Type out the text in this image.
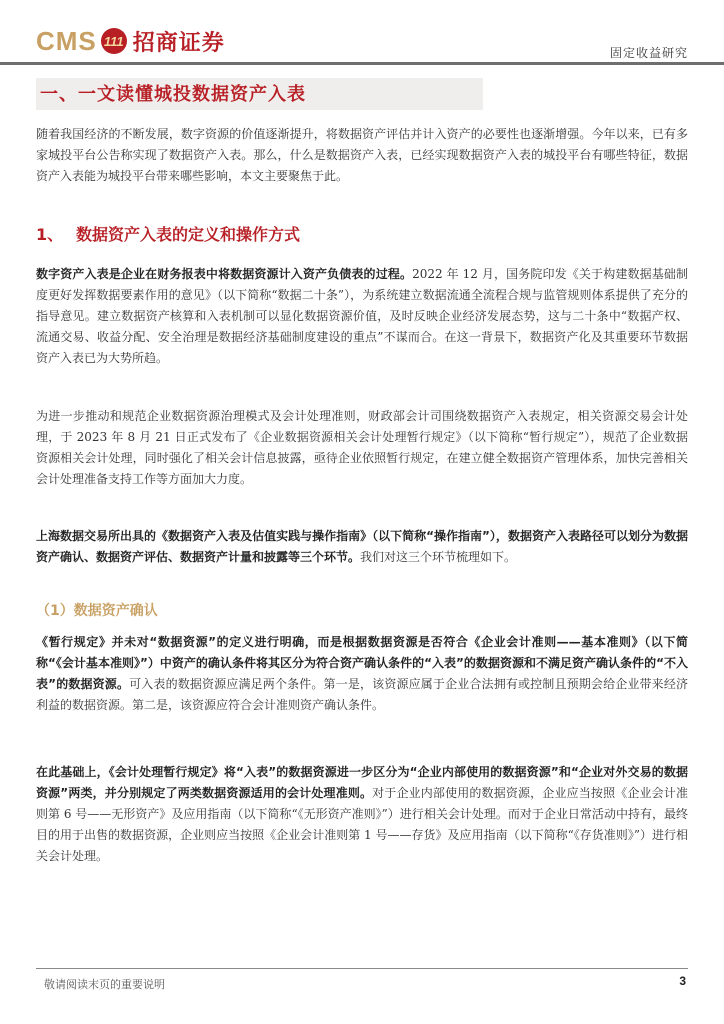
CMS 111 招商证券	固定收益研究
一、一文读懂城投数据资产入表
随着我国经济的不断发展，数字资源的价值逐渐提升，将数据资产评估并计入资产的必要性也逐渐增强。今年以来，已有多家城投平台公告称实现了数据资产入表。那么，什么是数据资产入表，已经实现数据资产入表的城投平台有哪些特征，数据资产入表能为城投平台带来哪些影响，本文主要聚焦于此。
1、 数据资产入表的定义和操作方式
数字资产入表是企业在财务报表中将数据资源计入资产负债表的过程。2022 年 12 月，国务院印发《关于构建数据基础制度更好发挥数据要素作用的意见》（以下简称“数据二十条”），为系统建立数据流通全流程合规与监管规则体系提供了充分的指导意见。建立数据资产核算和入表机制可以显化数据资源价值，及时反映企业经济发展态势，这与二十条中“数据产权、流通交易、收益分配、安全治理是数据经济基础制度建设的重点”不谋而合。在这一背景下，数据资产化及其重要环节数据资产入表已为大势所趋。
为进一步推动和规范企业数据资源治理模式及会计处理准则，财政部会计司围绕数据资产入表规定，相关资源交易会计处理，于 2023 年 8 月 21 日正式发布了《企业数据资源相关会计处理暂行规定》（以下简称“暂行规定”），规范了企业数据资源相关会计处理，同时强化了相关会计信息披露，亟待企业依照暂行规定，在建立健全数据资产管理体系，加快完善相关会计处理准备支持工作等方面加大力度。
上海数据交易所出具的《数据资产入表及估值实践与操作指南》（以下简称“操作指南”），数据资产入表路径可以划分为数据资产确认、数据资产评估、数据资产计量和披露等三个环节。我们对这三个环节梳理如下。
（1）数据资产确认
《暂行规定》并未对“数据资源”的定义进行明确，而是根据数据资源是否符合《企业会计准则——基本准则》（以下简称“《会计基本准则》”）中资产的确认条件将其区分为符合资产确认条件的“入表”的数据资源和不满足资产确认条件的“不入表”的数据资源。可入表的数据资源应满足两个条件。第一是，该资源应属于企业合法拥有或控制且预期会给企业带来经济利益的数据资源。第二是，该资源应符合会计准则资产确认条件。
在此基础上，《会计处理暂行规定》将“入表”的数据资源进一步区分为“企业内部使用的数据资源”和“企业对外交易的数据资源”两类，并分别规定了两类数据资源适用的会计处理准则。对于企业内部使用的数据资源，企业应当按照《企业会计准则第 6 号——无形资产》及应用指南（以下简称“《无形资产准则》”）进行相关会计处理。而对于企业日常活动中持有，最终目的用于出售的数据资源，企业则应当按照《企业会计准则第 1 号——存货》及应用指南（以下简称“《存货准则》”）进行相关会计处理。
敬请阅读末页的重要说明	3
